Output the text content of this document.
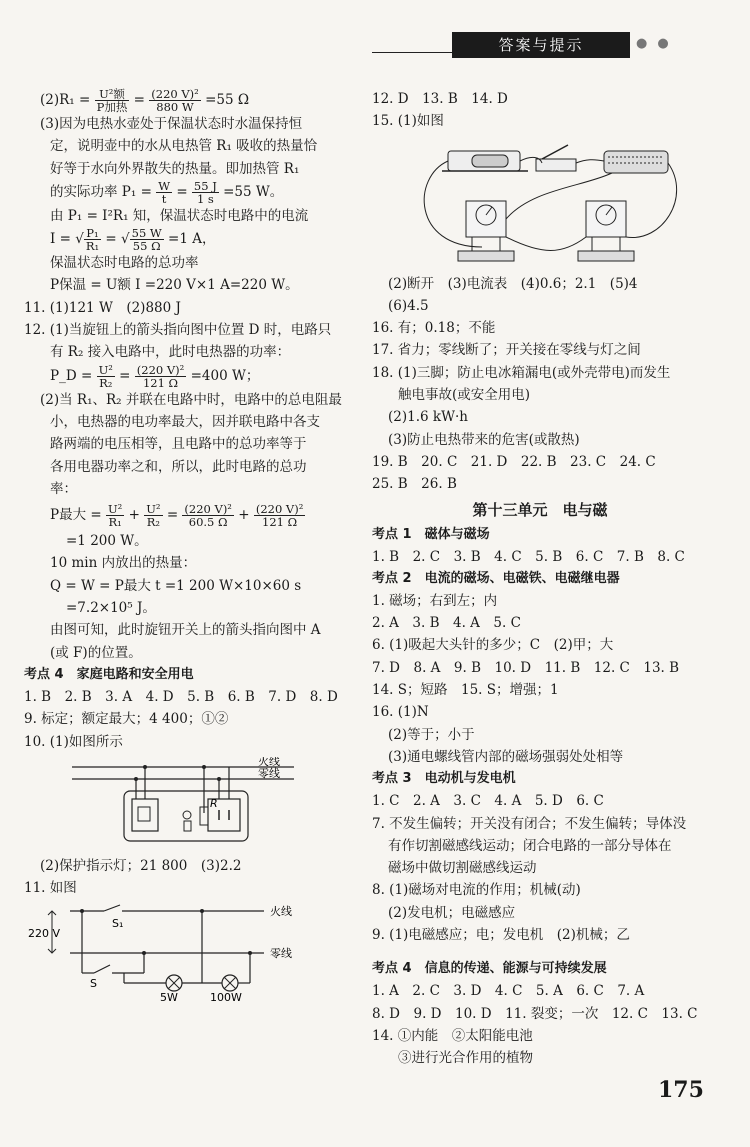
答案与提示	●●
$(2)R_1 = \frac{\text{U²额}}{\text{P加热}} = \frac{\text{(220 V)²}}{880 W} =55$ Ω
(3)因为电热水壶处于保温状态时水温保持恒
定，说明壶中的水从电热管 R₁ 吸收的热量恰
好等于水向外界散失的热量。即加热管 R₁
的实际功率 $P_1 = \frac{W}{t} = \frac{55 J}{1 s} =55$ W。
由 P₁ = I²R₁ 知，保温状态时电路中的电流
I = √ $\frac{\text{P₁}}{\text{R₁}}$ = √ $\frac{55 W}{55 \Omega} =1$ A，
保温状态时电路的总功率
P保温 = U额 I =220 V×1 A=220 W。
11. (1)121 W　(2)880 J
12. (1)当旋钮上的箭头指向图中位置 D 时，电路只
有 R₂ 接入电路中，此时电热器的功率：
P_D = $\frac{\text{U²}}{\text{R₂}} = \frac{\text{(220 V)²}}{121 \Omega} =400$ W；
(2)当 R₁、R₂ 并联在电路中时，电路中的总电阻最
小，电热器的电功率最大，因并联电路中各支
路两端的电压相等，且电路中的总功率等于
各用电器功率之和，所以，此时电路的总功
率：
P最大 = $\frac{\text{U²}}{\text{R₁}} + \frac{\text{U²}}{\text{R₂}} = \frac{\text{(220 V)²}}{60.5 \Omega} + \frac{\text{(220 V)²}}{121 \Omega}$
=1 200 W。
10 min 内放出的热量：
Q = W = P最大 t =1 200 W×10×60 s
=7.2×10⁵ J。
由图可知，此时旋钮开关上的箭头指向图中 A
(或 F)的位置。
考点 4　家庭电路和安全用电
1. B　2. B　3. A　4. D　5. B　6. B　7. D　8. D
9. 标定；额定最大；4 400；①②
10. (1)如图所示
火线
零线
R
(2)保护指示灯；21 800　(3)2.2
11. 如图
火线
S₁
220 V
零线
S
5W	100W
12. D　13. B　14. D
15. (1)如图
(2)断开　(3)电流表　(4)0.6；2.1　(5)4
(6)4.5
16. 有；0.18；不能
17. 省力；零线断了；开关接在零线与灯之间
18. (1)三脚；防止电冰箱漏电(或外壳带电)而发生
触电事故(或安全用电)
(2)1.6 kW·h
(3)防止电热带来的危害(或散热)
19. B　20. C　21. D　22. B　23. C　24. C
25. B　26. B
第十三单元　电与磁
考点 1　磁体与磁场
1. B　2. C　3. B　4. C　5. B　6. C　7. B　8. C
考点 2　电流的磁场、电磁铁、电磁继电器
1. 磁场；右到左；内
2. A　3. B　4. A　5. C
6. (1)吸起大头针的多少；C　(2)甲；大
7. D　8. A　9. B　10. D　11. B　12. C　13. B
14. S；短路　15. S；增强；1
16. (1)N
(2)等于；小于
(3)通电螺线管内部的磁场强弱处处相等
考点 3　电动机与发电机
1. C　2. A　3. C　4. A　5. D　6. C
7. 不发生偏转；开关没有闭合；不发生偏转；导体没
有作切割磁感线运动；闭合电路的一部分导体在
磁场中做切割磁感线运动
8. (1)磁场对电流的作用；机械(动)
(2)发电机；电磁感应
9. (1)电磁感应；电；发电机　(2)机械；乙
考点 4　信息的传递、能源与可持续发展
1. A　2. C　3. D　4. C　5. A　6. C　7. A
8. D　9. D　10. D　11. 裂变；一次　12. C　13. C
14. ①内能　②太阳能电池
③进行光合作用的植物
175
